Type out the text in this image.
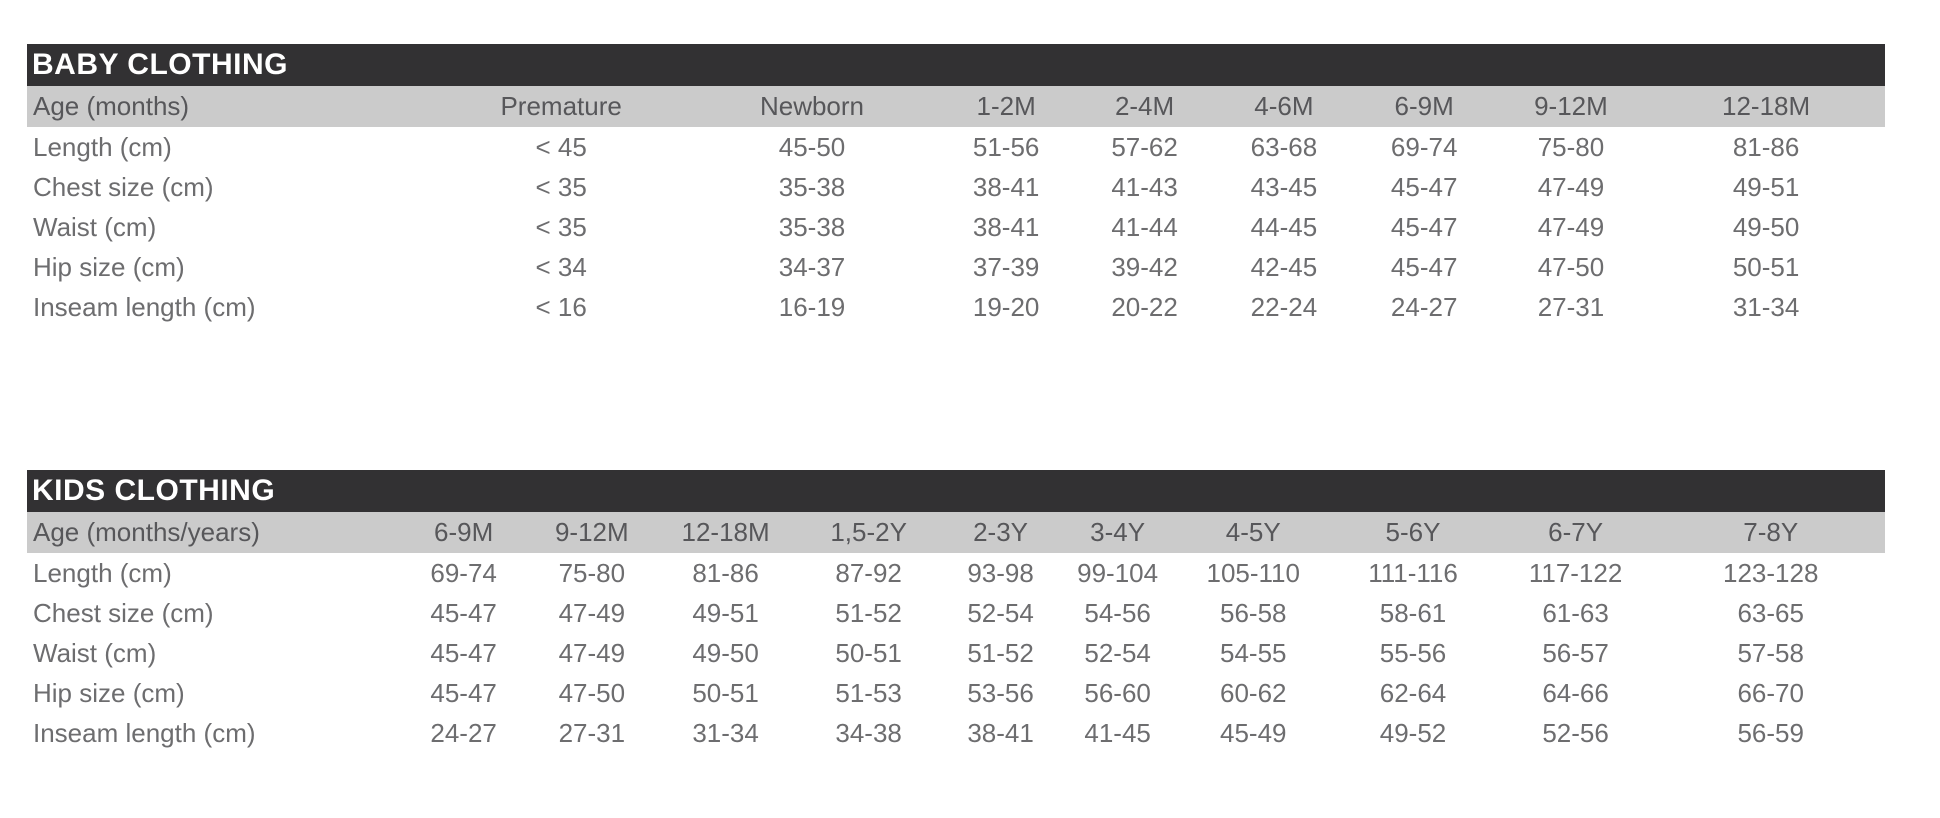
BABY CLOTHING
Age (months)	Premature	Newborn	1-2M	2-4M	4-6M	6-9M	9-12M	12-18M
Length (cm)	< 45	45-50	51-56	57-62	63-68	69-74	75-80	81-86
Chest size (cm)	< 35	35-38	38-41	41-43	43-45	45-47	47-49	49-51
Waist (cm)	< 35	35-38	38-41	41-44	44-45	45-47	47-49	49-50
Hip size (cm)	< 34	34-37	37-39	39-42	42-45	45-47	47-50	50-51
Inseam length (cm)	< 16	16-19	19-20	20-22	22-24	24-27	27-31	31-34
KIDS CLOTHING
Age (months/years)	6-9M	9-12M	12-18M	1,5-2Y	2-3Y	3-4Y	4-5Y	5-6Y	6-7Y	7-8Y
Length (cm)	69-74	75-80	81-86	87-92	93-98	99-104	105-110	111-116	117-122	123-128
Chest size (cm)	45-47	47-49	49-51	51-52	52-54	54-56	56-58	58-61	61-63	63-65
Waist (cm)	45-47	47-49	49-50	50-51	51-52	52-54	54-55	55-56	56-57	57-58
Hip size (cm)	45-47	47-50	50-51	51-53	53-56	56-60	60-62	62-64	64-66	66-70
Inseam length (cm)	24-27	27-31	31-34	34-38	38-41	41-45	45-49	49-52	52-56	56-59
